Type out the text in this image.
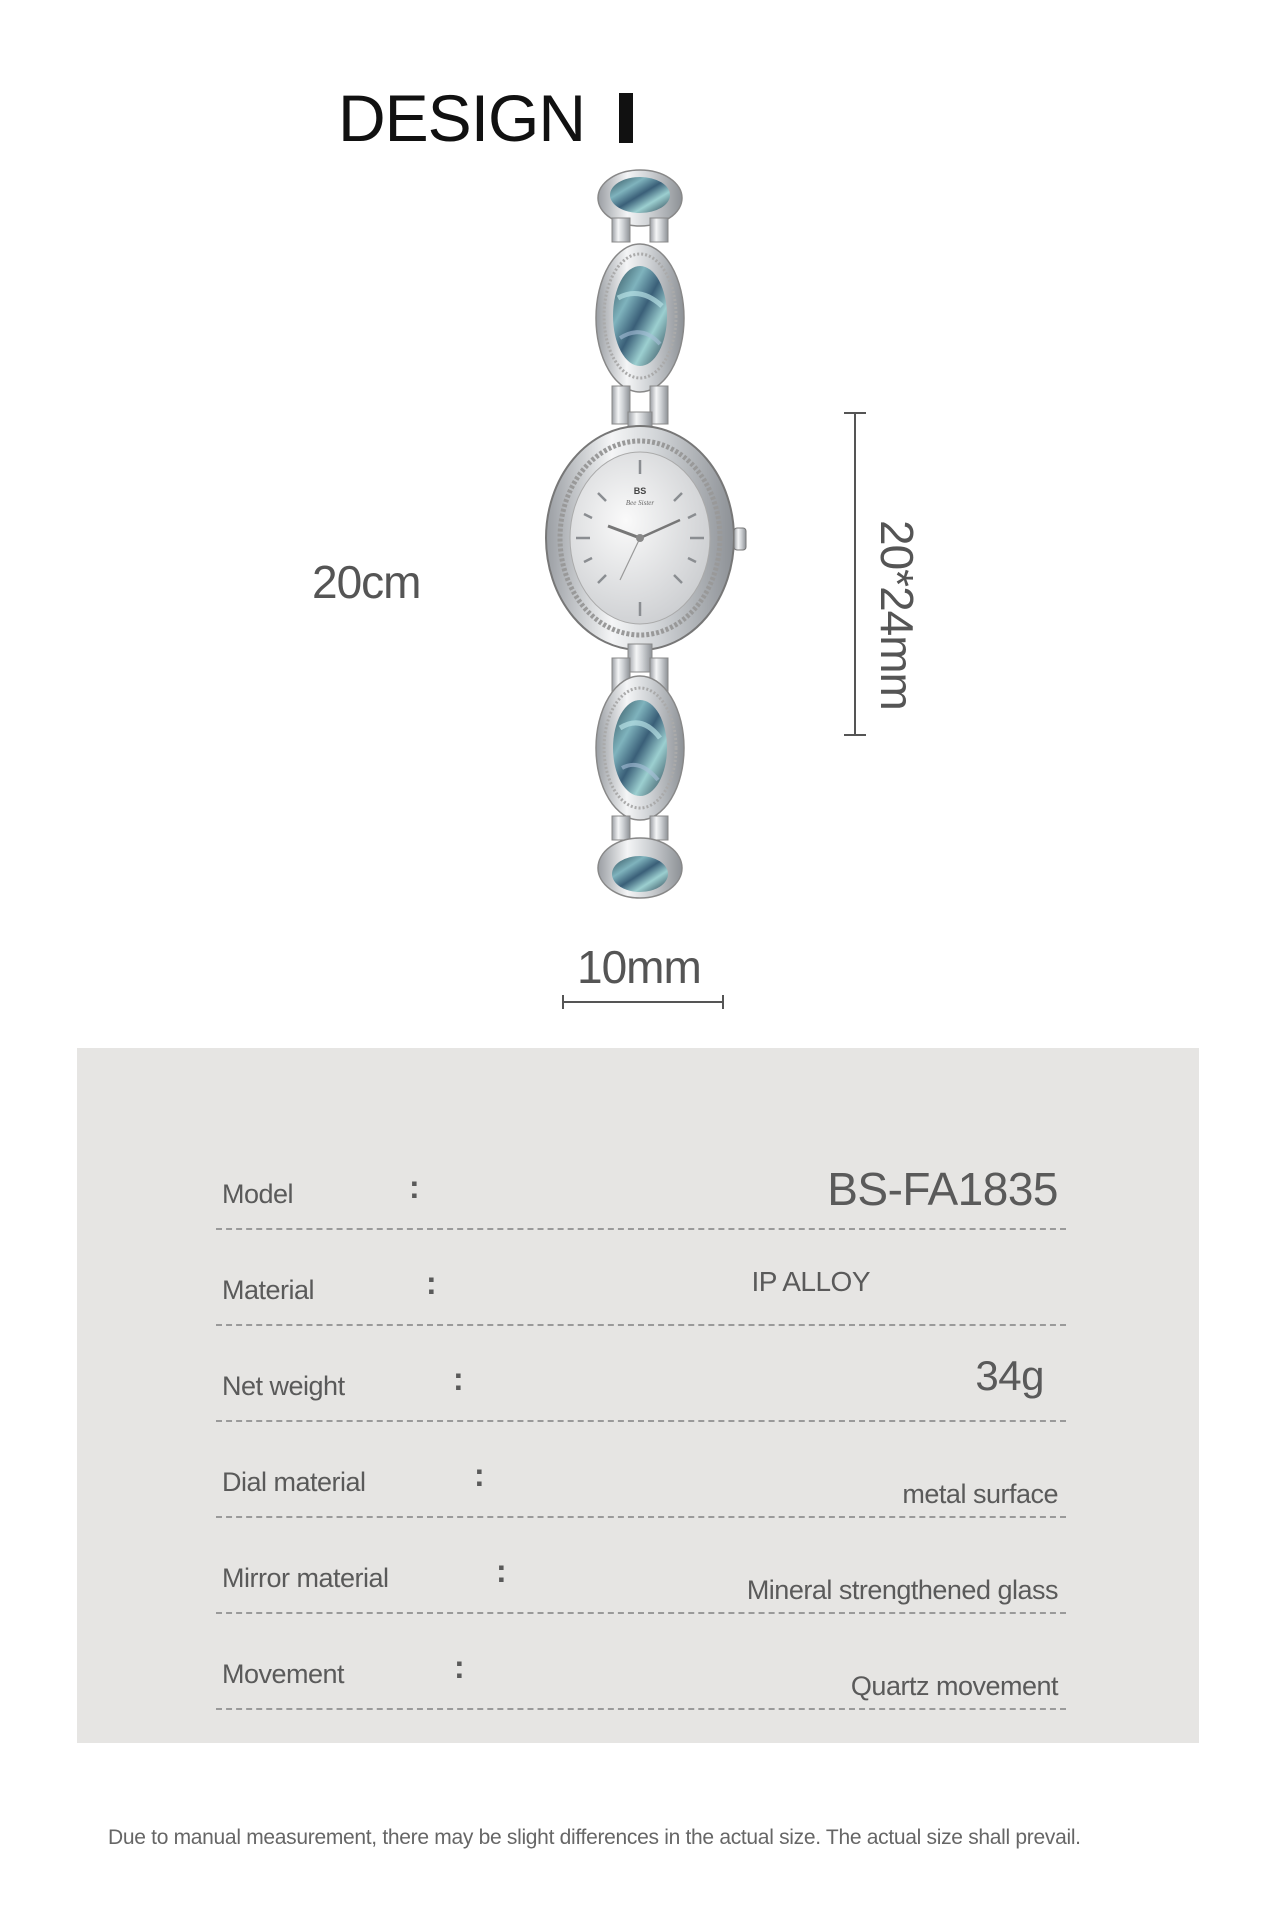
DESIGN
BS
Bee Sister
20cm	20*24mm
10mm
Model	:	BS-FA1835
Material	:	IP ALLOY
Net weight	:	34g
Dial material	:
metal surface
Mirror material	:
Mineral strengthened glass
Movement	:
Quartz movement
Due to manual measurement, there may be slight differences in the actual size. The actual size shall prevail.
